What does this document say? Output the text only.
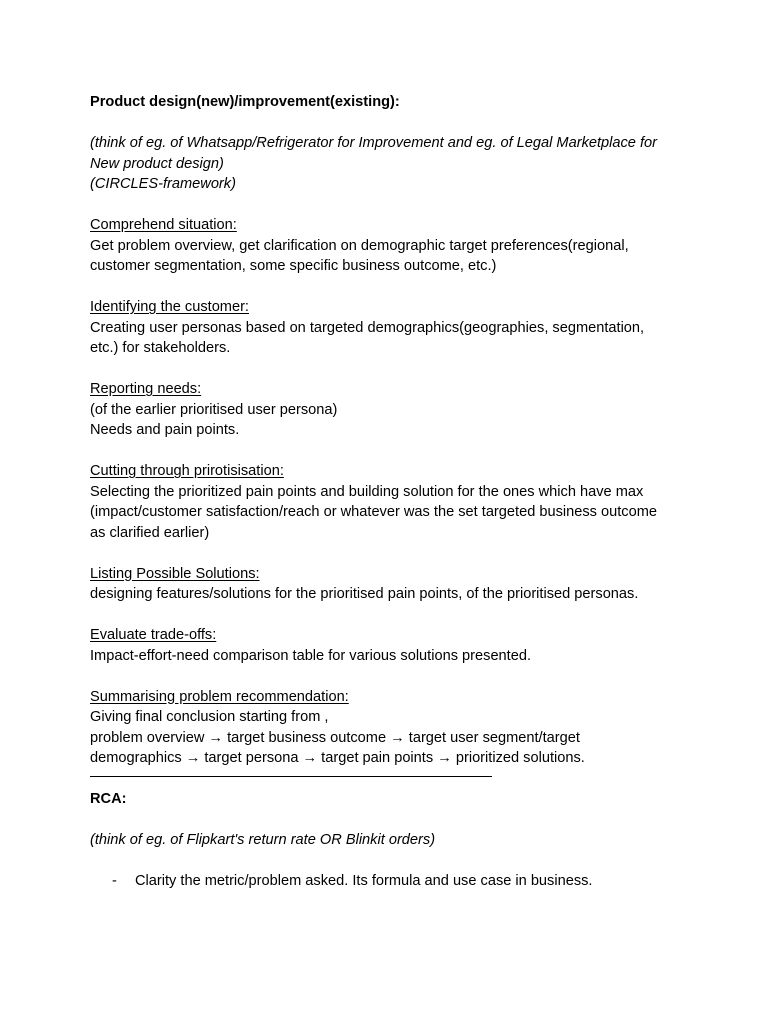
Product design(new)/improvement(existing):
(think of eg. of Whatsapp/Refrigerator for Improvement and eg. of Legal Marketplace for
New product design)
(CIRCLES-framework)
Comprehend situation:
Get problem overview, get clarification on demographic target preferences(regional,
customer segmentation, some specific business outcome, etc.)
Identifying the customer:
Creating user personas based on targeted demographics(geographies, segmentation,
etc.) for stakeholders.
Reporting needs:
(of the earlier prioritised user persona)
Needs and pain points.
Cutting through prirotisisation:
Selecting the prioritized pain points and building solution for the ones which have max
(impact/customer satisfaction/reach or whatever was the set targeted business outcome
as clarified earlier)
Listing Possible Solutions:
designing features/solutions for the prioritised pain points, of the prioritised personas.
Evaluate trade-offs:
Impact-effort-need comparison table for various solutions presented.
Summarising problem recommendation:
Giving final conclusion starting from ,
problem overview → target business outcome → target user segment/target
demographics → target persona → target pain points → prioritized solutions.
RCA:
(think of eg. of Flipkart's return rate OR Blinkit orders)
-	Clarity the metric/problem asked. Its formula and use case in business.
